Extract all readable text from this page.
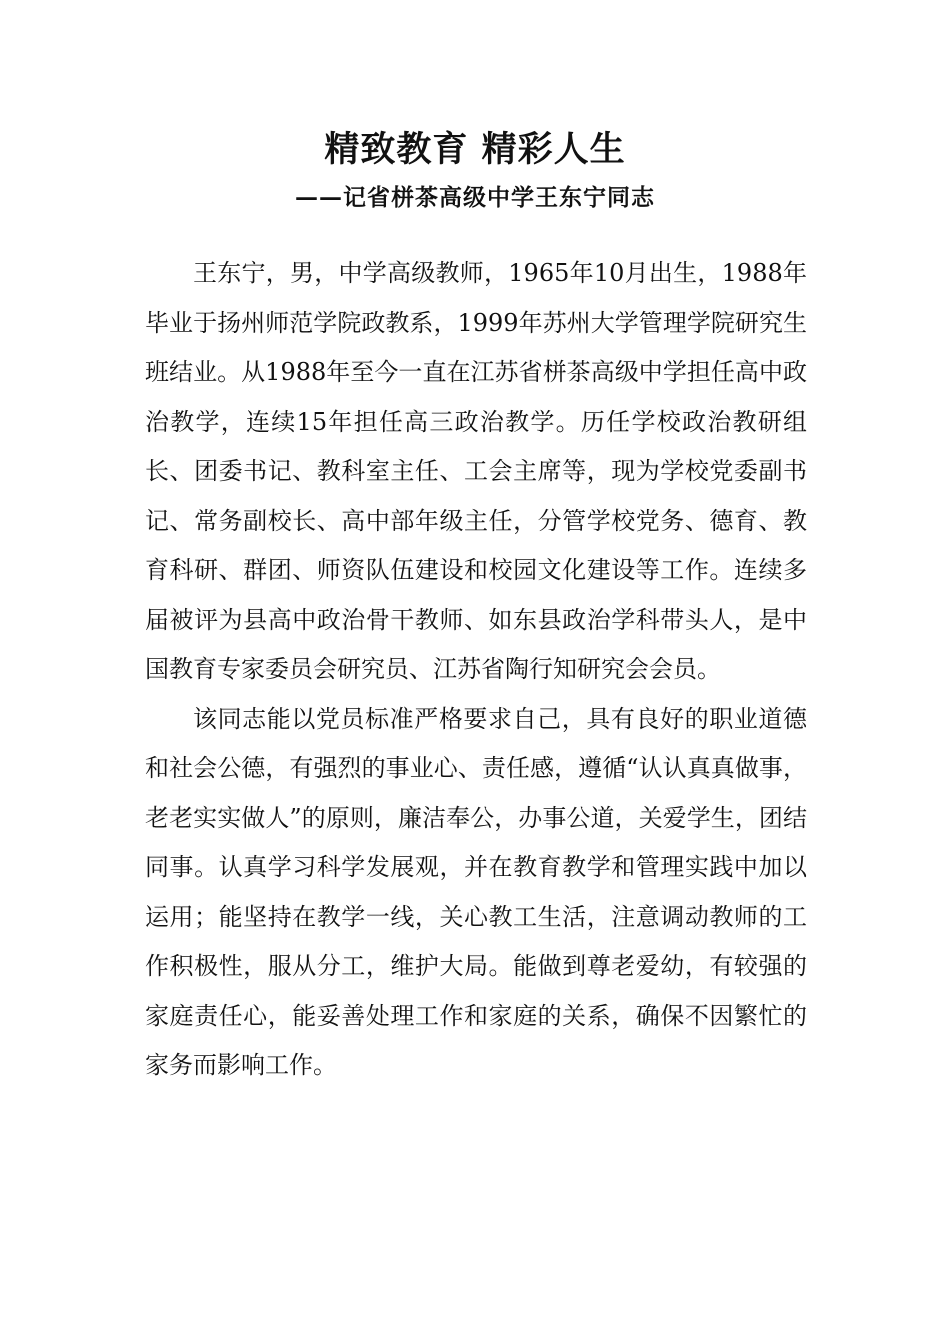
精致教育 精彩人生
——记省栟茶高级中学王东宁同志

王东宁，男，中学高级教师，1965年10月出生，1988年毕业于扬州师范学院政教系，1999年苏州大学管理学院研究生班结业。从1988年至今一直在江苏省栟茶高级中学担任高中政治教学，连续15年担任高三政治教学。历任学校政治教研组长、团委书记、教科室主任、工会主席等，现为学校党委副书记、常务副校长、高中部年级主任，分管学校党务、德育、教育科研、群团、师资队伍建设和校园文化建设等工作。连续多届被评为县高中政治骨干教师、如东县政治学科带头人，是中国教育专家委员会研究员、江苏省陶行知研究会会员。

该同志能以党员标准严格要求自己，具有良好的职业道德和社会公德，有强烈的事业心、责任感，遵循“认认真真做事，老老实实做人”的原则，廉洁奉公，办事公道，关爱学生，团结同事。认真学习科学发展观，并在教育教学和管理实践中加以运用；能坚持在教学一线，关心教工生活，注意调动教师的工作积极性，服从分工，维护大局。能做到尊老爱幼，有较强的家庭责任心，能妥善处理工作和家庭的关系，确保不因繁忙的家务而影响工作。
